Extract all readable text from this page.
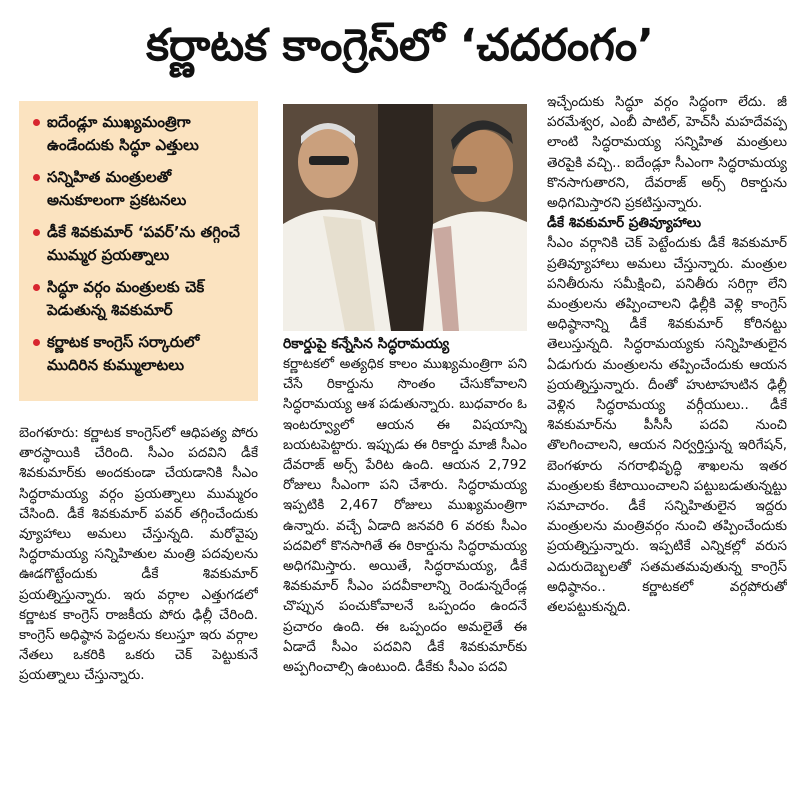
కర్ణాటక కాంగ్రెస్‌లో ‘చదరంగం’
ఐదేండ్లూ ముఖ్యమంత్రిగా ఉండేందుకు సిద్ధూ ఎత్తులు
సన్నిహిత మంత్రులతో అనుకూలంగా ప్రకటనలు
డీకే శివకుమార్ ‘పవర్’ను తగ్గించే ముమ్మర ప్రయత్నాలు
సిద్ధూ వర్గం మంత్రులకు చెక్ పెడుతున్న శివకుమార్
కర్ణాటక కాంగ్రెస్ సర్కారులో ముదిరిన కుమ్ములాటలు

బెంగళూరు: కర్ణాటక కాంగ్రెస్‌లో ఆధిపత్య పోరు తారస్థాయికి చేరింది. సీఎం పదవిని డీకే శివకుమార్‌కు అందకుండా చేయడానికి సీఎం సిద్ధరామయ్య వర్గం ప్రయత్నాలు ముమ్మరం చేసింది. డీకే శివకుమార్ పవర్ తగ్గించేందుకు వ్యూహాలు అమలు చేస్తున్నది. మరోవైపు సిద్ధరామయ్య సన్నిహితుల మంత్రి పదవులను ఊడగొట్టేందుకు డీకే శివకుమార్ ప్రయత్నిస్తున్నారు. ఇరు వర్గాల ఎత్తుగడలో కర్ణాటక కాంగ్రెస్ రాజకీయ పోరు ఢిల్లీ చేరింది. కాంగ్రెస్ అధిష్ఠాన పెద్దలను కలుస్తూ ఇరు వర్గాల నేతలు ఒకరికి ఒకరు చెక్ పెట్టుకునే ప్రయత్నాలు చేస్తున్నారు.

రికార్డుపై కన్నేసిన సిద్ధరామయ్య

కర్ణాటకలో అత్యధిక కాలం ముఖ్యమంత్రిగా పని చేసే రికార్డును సొంతం చేసుకోవాలని సిద్ధరామయ్య ఆశ పడుతున్నారు. బుధవారం ఓ ఇంటర్వ్యూలో ఆయన ఈ విషయాన్ని బయటపెట్టారు. ఇప్పుడు ఈ రికార్డు మాజీ సీఎం దేవరాజ్ అర్స్ పేరిట ఉంది. ఆయన 2,792 రోజులు సీఎంగా పని చేశారు. సిద్ధరామయ్య ఇప్పటికి 2,467 రోజులు ముఖ్యమంత్రిగా ఉన్నారు. వచ్చే ఏడాది జనవరి 6 వరకు సీఎం పదవిలో కొనసాగితే ఈ రికార్డును సిద్ధరామయ్య అధిగమిస్తారు. అయితే, సిద్ధరామయ్య, డీకే శివకుమార్ సీఎం పదవీకాలాన్ని రెండున్నరేండ్ల చొప్పున పంచుకోవాలనే ఒప్పందం ఉందనే ప్రచారం ఉంది. ఈ ఒప్పందం అమలైతే ఈ ఏడాదే సీఎం పదవిని డీకే శివకుమార్‌కు అప్పగించాల్సి ఉంటుంది. డీకేకు సీఎం పదవి

ఇచ్చేందుకు సిద్ధూ వర్గం సిద్ధంగా లేదు. జీ పరమేశ్వర, ఎంబీ పాటిల్, హెచ్‌సీ మహదేవప్ప లాంటి సిద్ధరామయ్య సన్నిహిత మంత్రులు తెరపైకి వచ్చి.. ఐదేండ్లూ సీఎంగా సిద్ధరామయ్య కొనసాగుతారని, దేవరాజ్ అర్స్ రికార్డును అధిగమిస్తారని ప్రకటిస్తున్నారు.

డీకే శివకుమార్ ప్రతివ్యూహాలు

సీఎం వర్గానికి చెక్ పెట్టేందుకు డీకే శివకుమార్ ప్రతివ్యూహాలు అమలు చేస్తున్నారు. మంత్రుల పనితీరును సమీక్షించి, పనితీరు సరిగ్గా లేని మంత్రులను తప్పించాలని ఢిల్లీకి వెళ్లి కాంగ్రెస్ అధిష్ఠానాన్ని డీకే శివకుమార్ కోరినట్టు తెలుస్తున్నది. సిద్ధరామయ్యకు సన్నిహితులైన ఏడుగురు మంత్రులను తప్పించేందుకు ఆయన ప్రయత్నిస్తున్నారు. దీంతో హుటాహుటిన ఢిల్లీ వెళ్లిన సిద్ధరామయ్య వర్గీయులు.. డీకే శివకుమార్‌ను పీసీసీ పదవి నుంచి తొలగించాలని, ఆయన నిర్వర్తిస్తున్న ఇరిగేషన్, బెంగళూరు నగరాభివృద్ధి శాఖలను ఇతర మంత్రులకు కేటాయించాలని పట్టుబడుతున్నట్టు సమాచారం. డీకే సన్నిహితులైన ఇద్దరు మంత్రులను మంత్రివర్గం నుంచి తప్పించేందుకు ప్రయత్నిస్తున్నారు. ఇప్పటికే ఎన్నికల్లో వరుస ఎదురుదెబ్బలతో సతమతమవుతున్న కాంగ్రెస్ అధిష్ఠానం.. కర్ణాటకలో వర్గపోరుతో తలపట్టుకున్నది.
